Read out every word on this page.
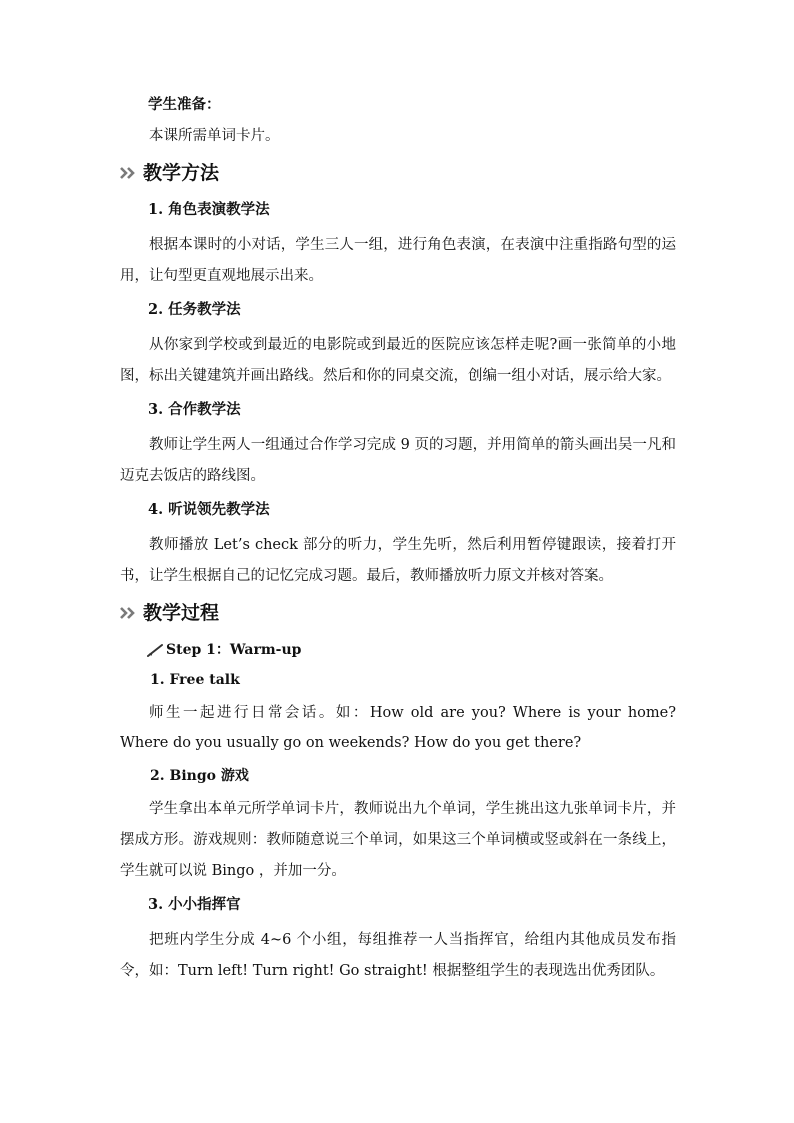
学生准备：

本课所需单词卡片。

教学方法

1. 角色表演教学法

根据本课时的小对话，学生三人一组，进行角色表演，在表演中注重指路句型的运用，让句型更直观地展示出来。

2. 任务教学法

从你家到学校或到最近的电影院或到最近的医院应该怎样走呢?画一张简单的小地图，标出关键建筑并画出路线。然后和你的同桌交流，创编一组小对话，展示给大家。

3. 合作教学法

教师让学生两人一组通过合作学习完成 9 页的习题，并用简单的箭头画出吴一凡和迈克去饭店的路线图。

4. 听说领先教学法

教师播放 Let’s check 部分的听力，学生先听，然后利用暂停键跟读，接着打开书，让学生根据自己的记忆完成习题。最后，教师播放听力原文并核对答案。

教学过程
Step 1：Warm-up

1. Free talk

师生一起进行日常会话。如：How old are you? Where is your home? Where do you usually go on weekends? How do you get there?

2. Bingo 游戏

学生拿出本单元所学单词卡片，教师说出九个单词，学生挑出这九张单词卡片，并摆成方形。游戏规则：教师随意说三个单词，如果这三个单词横或竖或斜在一条线上，学生就可以说 Bingo ，并加一分。

3. 小小指挥官

把班内学生分成 4~6 个小组，每组推荐一人当指挥官，给组内其他成员发布指令，如：Turn left! Turn right! Go straight! 根据整组学生的表现选出优秀团队。
